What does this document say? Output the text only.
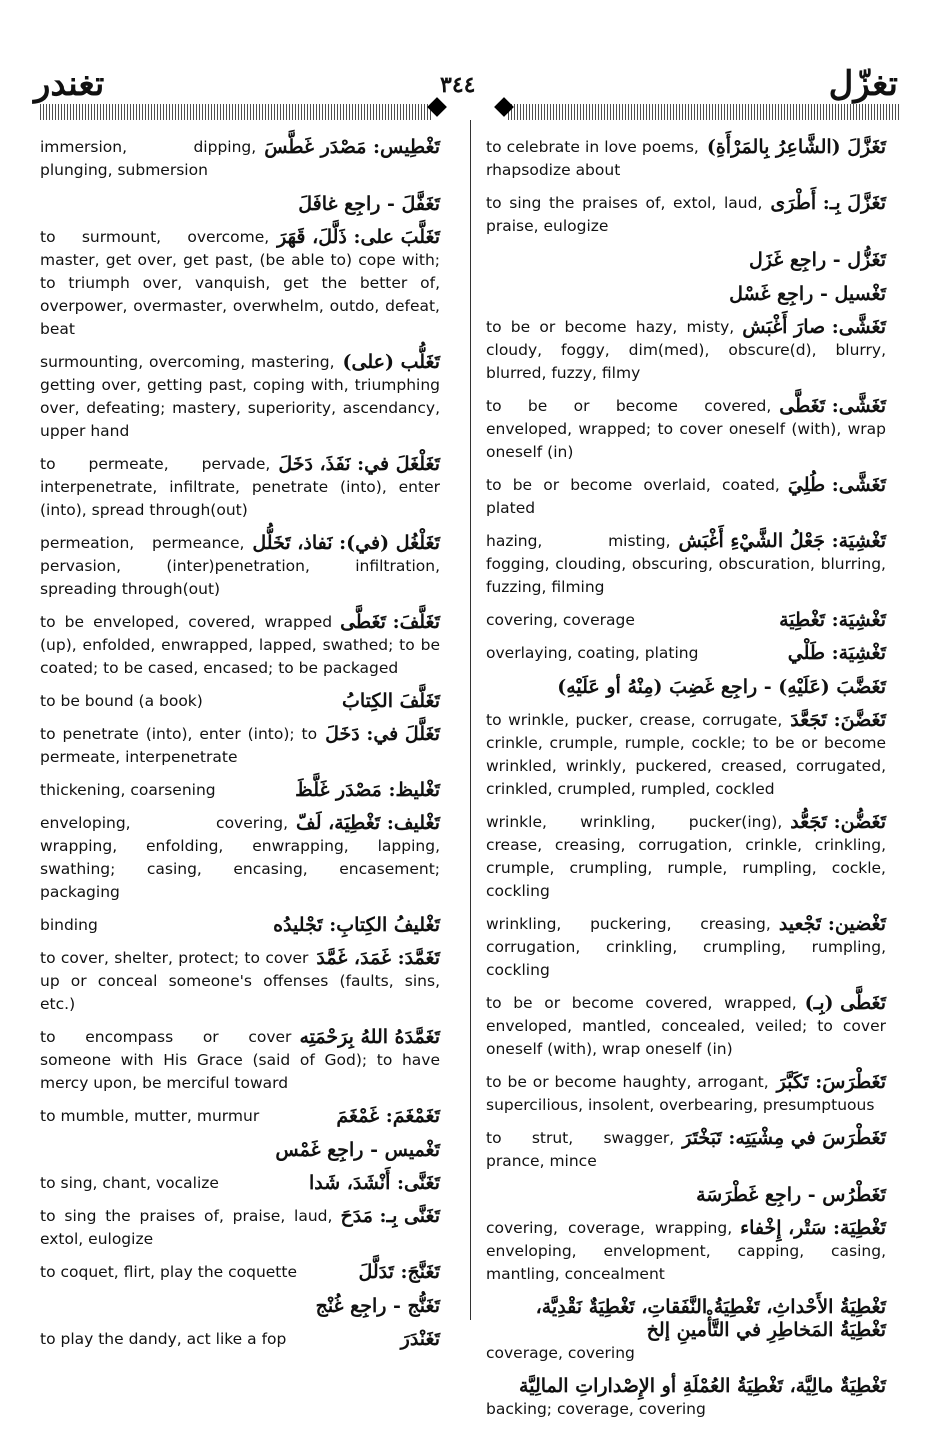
تغندر	٣٤٤	تغزّل
تَغْطِيس: مَصْدَر غَطَّسَ
immersion, dipping, plunging, submersion
تَغَفَّلَ - راجِع غافَلَ
تَغَلَّبَ على: ذَلَّلَ، قَهَرَ
to surmount, overcome, master, get over, get past, (be able to) cope with; to triumph over, vanquish, get the better of, overpower, overmaster, overwhelm, outdo, defeat, beat
تَغَلُّب (على)
surmounting, overcoming, mastering, getting over, getting past, coping with, triumphing over, defeating; mastery, superiority, ascendancy, upper hand
تَغَلْغَلَ في: نَفَذَ، دَخَلَ
to permeate, pervade, interpenetrate, infiltrate, penetrate (into), enter (into), spread through(out)
تَغَلْغُل (في): نَفاذ، تَخَلُّل
permeation, permeance, pervasion, (inter)penetration, infiltration, spreading through(out)
تَغَلَّفَ: تَغَطَّى
to be enveloped, covered, wrapped (up), enfolded, enwrapped, lapped, swathed; to be coated; to be cased, encased; to be packaged
تَغَلَّفَ الكِتابُ
to be bound (a book)
تَغَلَّلَ في: دَخَلَ
to penetrate (into), enter (into); to permeate, interpenetrate
تَغْليظ: مَصْدَر غَلَّظَ
thickening, coarsening
تَغْليف: تَغْطِيَة، لَفّ
enveloping, covering, wrapping, enfolding, enwrapping, lapping, swathing; casing, encasing, encasement; packaging
تَغْليفُ الكِتابِ: تَجْليدُه
binding
تَغَمَّدَ: غَمَدَ، غَمَّدَ
to cover, shelter, protect; to cover up or conceal someone's offenses (faults, sins, etc.)
تَغَمَّدَهُ اللهُ بِرَحْمَتِه
to encompass or cover someone with His Grace (said of God); to have mercy upon, be merciful toward
تَغَمْغَمَ: غَمْغَمَ
to mumble, mutter, murmur
تَغْميس - راجِع غَمْس
تَغَنَّى: أَنْشَدَ، شَدا
to sing, chant, vocalize
تَغَنَّى بِـ: مَدَحَ
to sing the praises of, praise, laud, extol, eulogize
تَغَنَّجَ: تَدَلَّلَ
to coquet, flirt, play the coquette
تَغَنُّج - راجِع غُنْج
تَغَنْدَرَ
to play the dandy, act like a fop
تَغَزَّلَ (الشَّاعِرُ بِالمَرْأَةِ)
to celebrate in love poems, rhapsodize about
تَغَزَّلَ بِـ: أَطْرَى
to sing the praises of, extol, laud, praise, eulogize
تَغَزُّل - راجِع غَزَل
تَغْسيل - راجِع غَسْل
تَغَشَّى: صارَ أَغْبَش
to be or become hazy, misty, cloudy, foggy, dim(med), obscure(d), blurry, blurred, fuzzy, filmy
تَغَشَّى: تَغَطَّى
to be or become covered, enveloped, wrapped; to cover oneself (with), wrap oneself (in)
تَغَشَّى: طُلِيَ
to be or become overlaid, coated, plated
تَغْشِيَة: جَعْلُ الشَّيْءِ أَغْبَش
hazing, misting, fogging, clouding, obscuring, obscuration, blurring, fuzzing, filming
تَغْشِيَة: تَغْطِيَة
covering, coverage
تَغْشِيَة: طَلْي
overlaying, coating, plating
تَغَضَّبَ (عَلَيْهِ) - راجِع غَضِبَ (مِنْهُ أو عَلَيْهِ)
تَغَضَّنَ: تَجَعَّدَ
to wrinkle, pucker, crease, corrugate, crinkle, crumple, rumple, cockle; to be or become wrinkled, wrinkly, puckered, creased, corrugated, crinkled, crumpled, rumpled, cockled
تَغَضُّن: تَجَعُّد
wrinkle, wrinkling, pucker(ing), crease, creasing, corrugation, crinkle, crinkling, crumple, crumpling, rumple, rumpling, cockle, cockling
تَغْضين: تَجْعيد
wrinkling, puckering, creasing, corrugation, crinkling, crumpling, rumpling, cockling
تَغَطَّى (بِـ)
to be or become covered, wrapped, enveloped, mantled, concealed, veiled; to cover oneself (with), wrap oneself (in)
تَغَطْرَسَ: تَكَبَّرَ
to be or become haughty, arrogant, supercilious, insolent, overbearing, presumptuous
تَغَطْرَسَ في مِشْيَتِه: تَبَخْتَرَ
to strut, swagger, prance, mince
تَغَطْرُس - راجِع غَطْرَسَة
تَغْطِيَة: سَتْر، إِخْفاء
covering, coverage, wrapping, enveloping, envelopment, capping, casing, mantling, concealment
تَغْطِيَةُ الأَحْداثِ، تَغْطِيَةُ النَّفَقاتِ، تَغْطِيَةٌ نَقْدِيَّة، تَغْطِيَةُ المَخاطِرِ في التَّأْمينِ إلخ
coverage, covering
تَغْطِيَةٌ مالِيَّة، تَغْطِيَةُ العُمْلَةِ أو الإِصْداراتِ المالِيَّة
backing; coverage, covering
